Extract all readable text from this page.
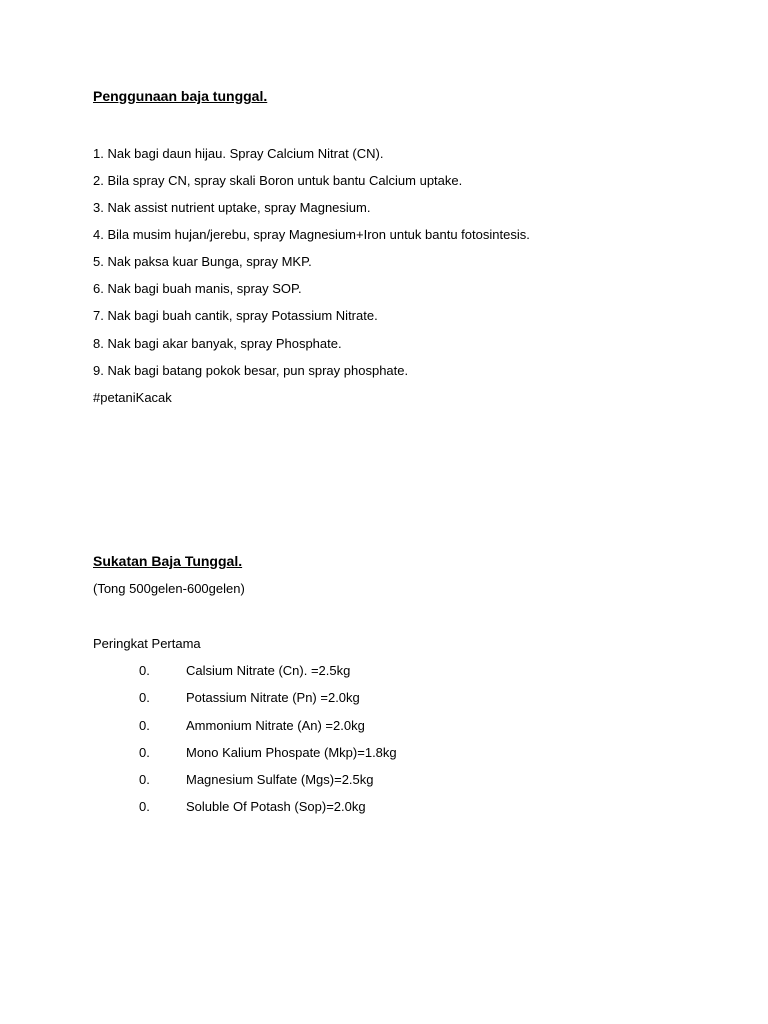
Penggunaan baja tunggal.
1. Nak bagi daun hijau. Spray Calcium Nitrat (CN).
2. Bila spray CN, spray skali Boron untuk bantu Calcium uptake.
3. Nak assist nutrient uptake, spray Magnesium.
4. Bila musim hujan/jerebu, spray Magnesium+Iron untuk bantu fotosintesis.
5. Nak paksa kuar Bunga, spray MKP.
6. Nak bagi buah manis, spray SOP.
7. Nak bagi buah cantik, spray Potassium Nitrate.
8. Nak bagi akar banyak, spray Phosphate.
9. Nak bagi batang pokok besar, pun spray phosphate.
#petaniKacak
Sukatan Baja Tunggal.
(Tong 500gelen-600gelen)
Peringkat Pertama
0.	Calsium Nitrate (Cn). =2.5kg
0.	Potassium Nitrate (Pn) =2.0kg
0.	Ammonium Nitrate (An) =2.0kg
0.	Mono Kalium Phospate (Mkp)=1.8kg
0.	Magnesium Sulfate (Mgs)=2.5kg
0.	Soluble Of Potash (Sop)=2.0kg
